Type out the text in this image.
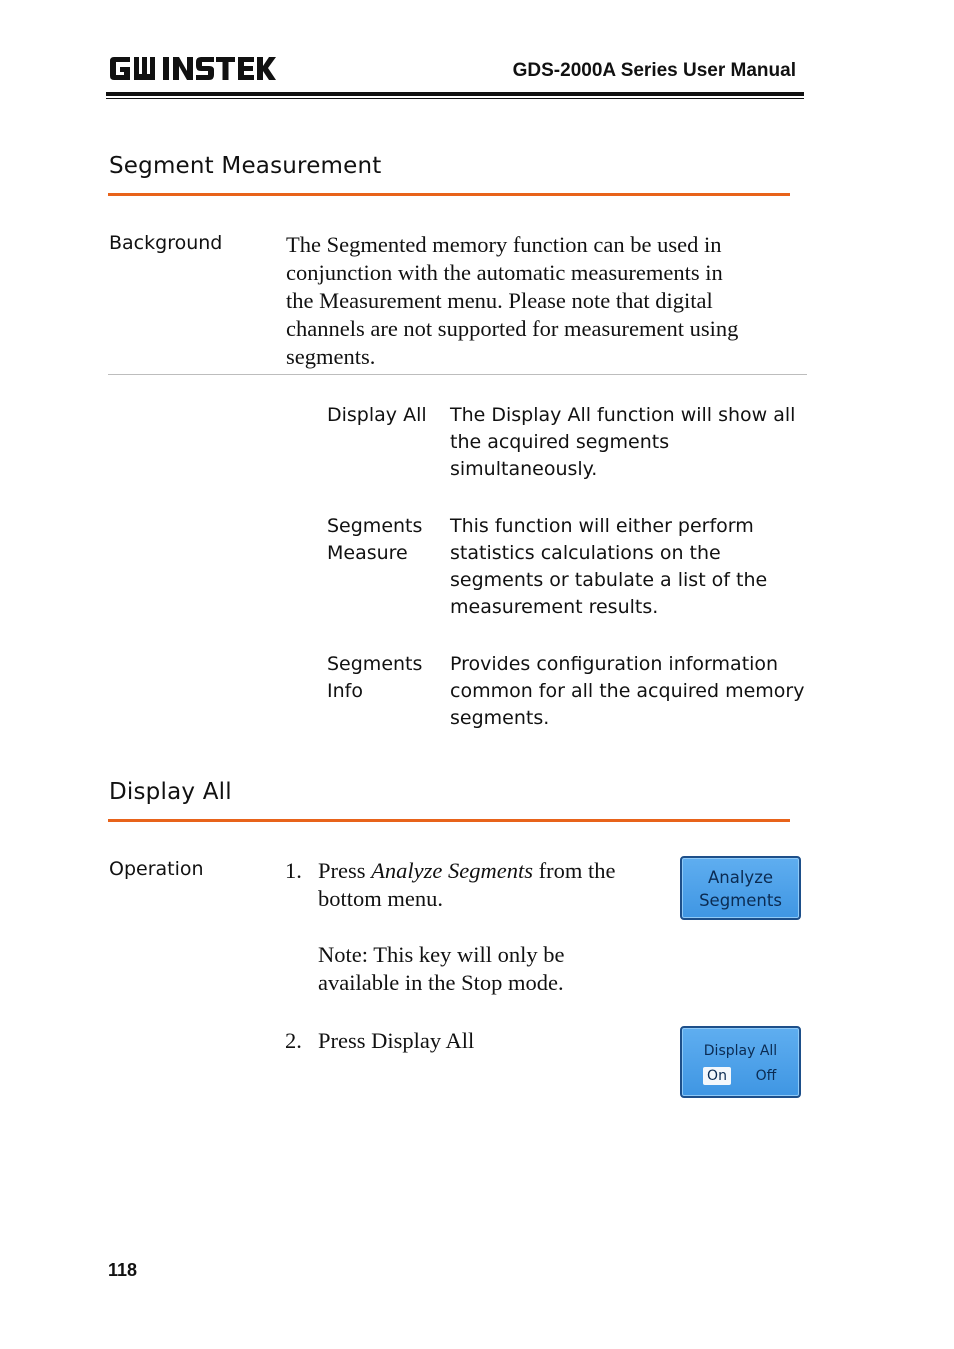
GDS-2000A Series User Manual
Segment Measurement
Background	The Segmented memory function can be used in
conjunction with the automatic measurements in
the Measurement menu. Please note that digital
channels are not supported for measurement using
segments.
Display All The Display All function will show all
the acquired segments
simultaneously.
Segments
Measure
This function will either perform
statistics calculations on the
segments or tabulate a list of the
measurement results.
Segments
Info
Provides configuration information
common for all the acquired memory
segments.
Display All
Operation	1. Press Analyze Segments from the
bottom menu.
Note: This key will only be
available in the Stop mode.
2. Press Display All
Analyze
Segments
Display All
On Off
118
